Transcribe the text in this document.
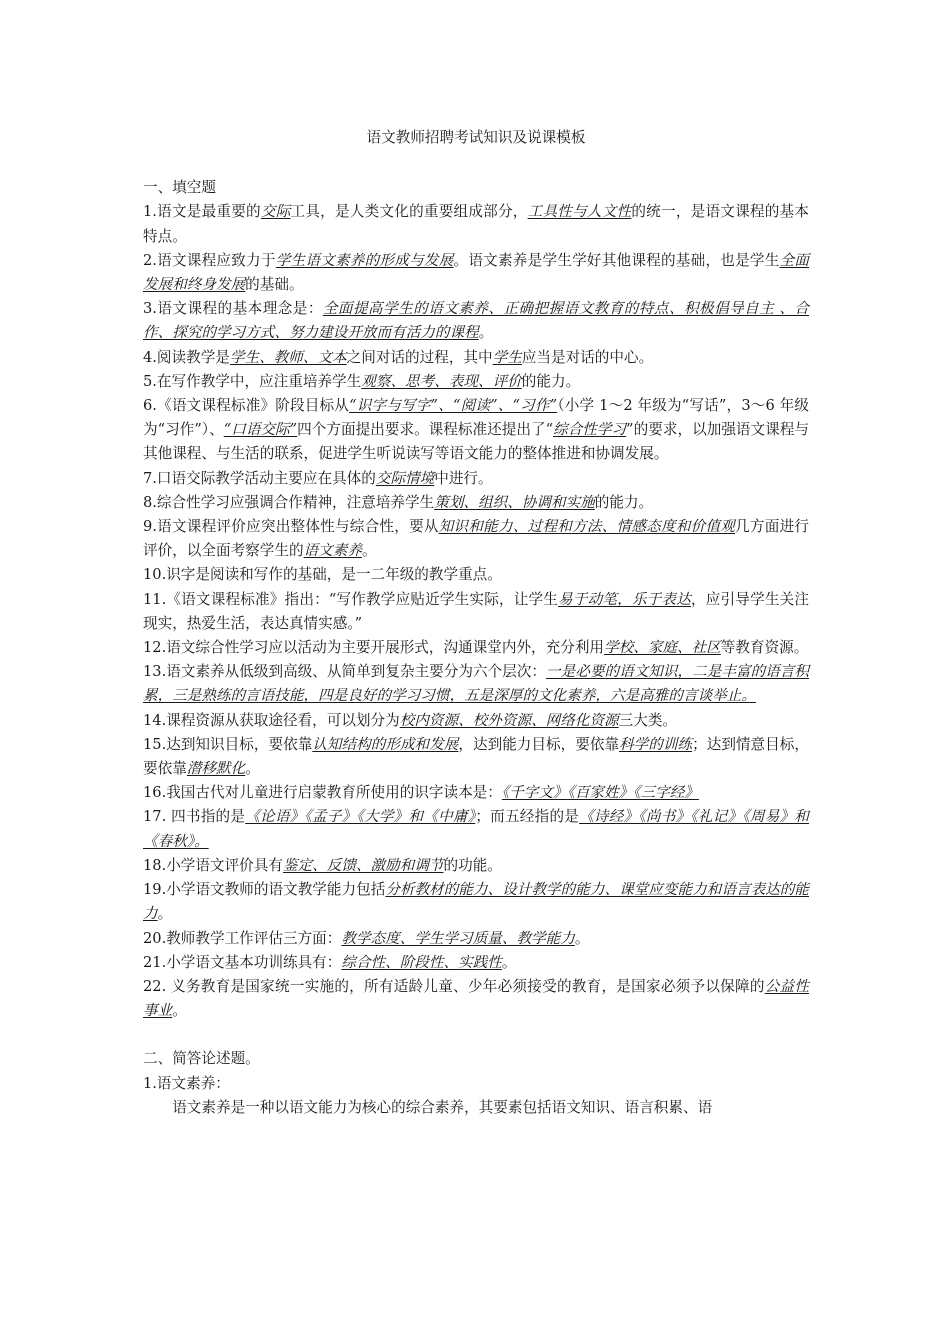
语文教师招聘考试知识及说课模板

一、填空题

1.语文是最重要的交际工具，是人类文化的重要组成部分，工具性与人文性的统一，是语文课程的基本特点。

2.语文课程应致力于学生语文素养的形成与发展。语文素养是学生学好其他课程的基础，也是学生全面发展和终身发展的基础。

3.语文课程的基本理念是：全面提高学生的语文素养、正确把握语文教育的特点、积极倡导自主 、合作、探究的学习方式、努力建设开放而有活力的课程。

4.阅读教学是学生、教师、文本之间对话的过程，其中学生应当是对话的中心。

5.在写作教学中，应注重培养学生观察、思考、表现、评价的能力。

6.《语文课程标准》阶段目标从“识字与写字”、“阅读”、“习作”（小学 1～2 年级为“写话”，3～6 年级为“习作”）、“口语交际”四个方面提出要求。课程标准还提出了“综合性学习”的要求，以加强语文课程与其他课程、与生活的联系，促进学生听说读写等语文能力的整体推进和协调发展。

7.口语交际教学活动主要应在具体的交际情境中进行。

8.综合性学习应强调合作精神，注意培养学生策划、组织、协调和实施的能力。

9.语文课程评价应突出整体性与综合性，要从知识和能力、过程和方法、情感态度和价值观几方面进行评价，以全面考察学生的语文素养。

10.识字是阅读和写作的基础，是一二年级的教学重点。

11.《语文课程标准》指出：“写作教学应贴近学生实际，让学生易于动笔，乐于表达，应引导学生关注现实，热爱生活，表达真情实感。”

12.语文综合性学习应以活动为主要开展形式，沟通课堂内外，充分利用学校、家庭、社区等教育资源。

13.语文素养从低级到高级、从简单到复杂主要分为六个层次：一是必要的语文知识，二是丰富的语言积累，三是熟练的言语技能，四是良好的学习习惯，五是深厚的文化素养，六是高雅的言谈举止。

14.课程资源从获取途径看，可以划分为校内资源、校外资源、网络化资源三大类。

15.达到知识目标，要依靠认知结构的形成和发展，达到能力目标，要依靠科学的训练；达到情意目标，要依靠潜移默化。

16.我国古代对儿童进行启蒙教育所使用的识字读本是：《千字文》《百家姓》《三字经》

17. 四书指的是《论语》《孟子》《大学》和《中庸》；而五经指的是《诗经》《尚书》《礼记》《周易》和《春秋》。

18.小学语文评价具有鉴定、反馈、激励和调节的功能。

19.小学语文教师的语文教学能力包括分析教材的能力、设计教学的能力、课堂应变能力和语言表达的能力。

20.教师教学工作评估三方面：教学态度、学生学习质量、教学能力。

21.小学语文基本功训练具有：综合性、阶段性、实践性。

22. 义务教育是国家统一实施的，所有适龄儿童、少年必须接受的教育，是国家必须予以保障的公益性事业。

二、简答论述题。

1.语文素养：

语文素养是一种以语文能力为核心的综合素养，其要素包括语文知识、语言积累、语
